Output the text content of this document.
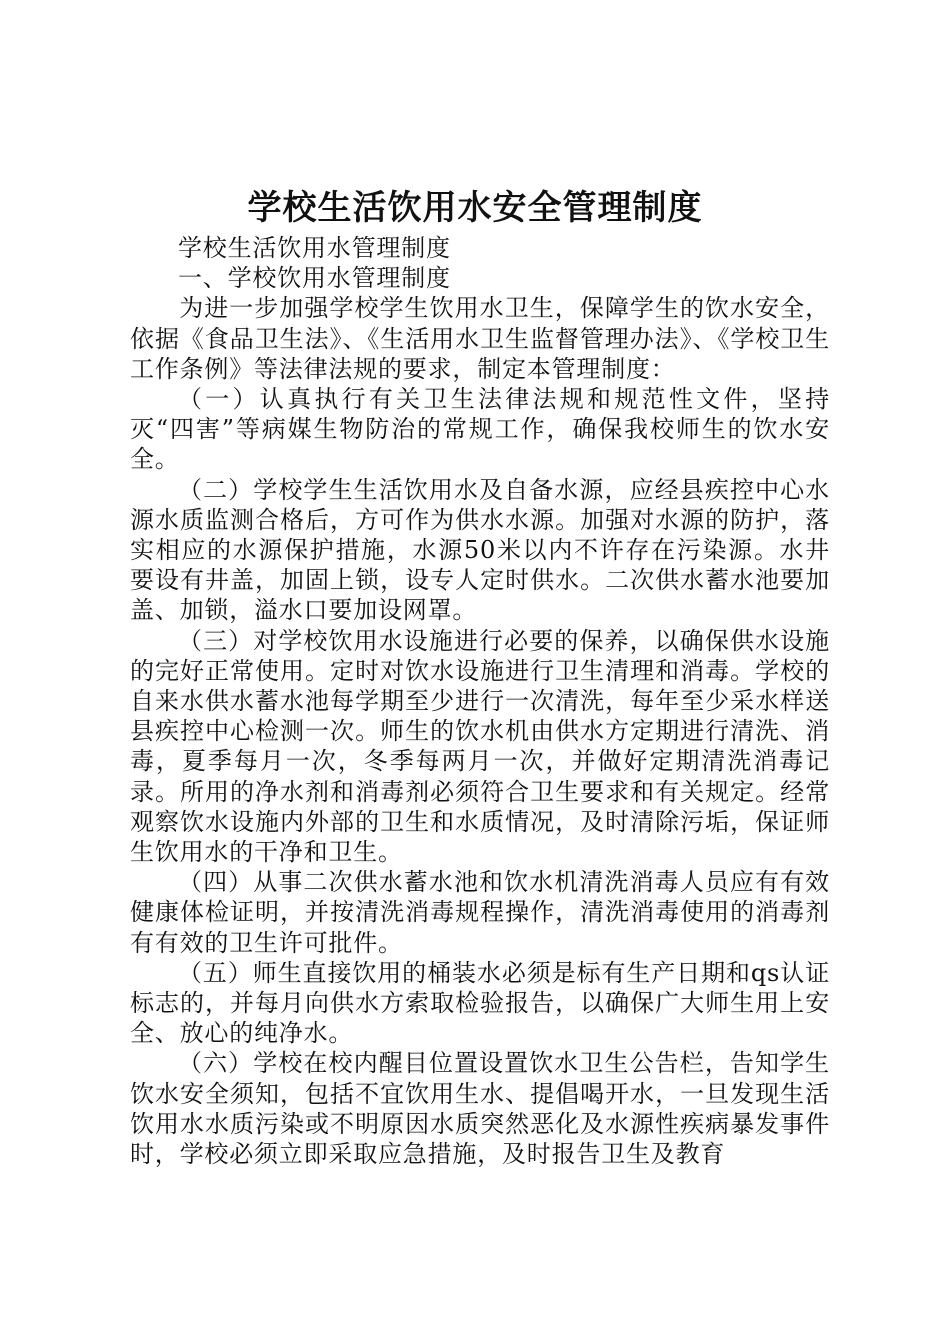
学校生活饮用水安全管理制度

学校生活饮用水管理制度

一、学校饮用水管理制度

为进一步加强学校学生饮用水卫生，保障学生的饮水安全，依据《食品卫生法》、《生活用水卫生监督管理办法》、《学校卫生工作条例》等法律法规的要求，制定本管理制度：

（一）认真执行有关卫生法律法规和规范性文件，坚持灭“四害”等病媒生物防治的常规工作，确保我校师生的饮水安全。

（二）学校学生生活饮用水及自备水源，应经县疾控中心水源水质监测合格后，方可作为供水水源。加强对水源的防护，落实相应的水源保护措施，水源50米以内不许存在污染源。水井要设有井盖，加固上锁，设专人定时供水。二次供水蓄水池要加盖、加锁，溢水口要加设网罩。

（三）对学校饮用水设施进行必要的保养，以确保供水设施的完好正常使用。定时对饮水设施进行卫生清理和消毒。学校的自来水供水蓄水池每学期至少进行一次清洗，每年至少采水样送县疾控中心检测一次。师生的饮水机由供水方定期进行清洗、消毒，夏季每月一次，冬季每两月一次，并做好定期清洗消毒记录。所用的净水剂和消毒剂必须符合卫生要求和有关规定。经常观察饮水设施内外部的卫生和水质情况，及时清除污垢，保证师生饮用水的干净和卫生。

（四）从事二次供水蓄水池和饮水机清洗消毒人员应有有效健康体检证明，并按清洗消毒规程操作，清洗消毒使用的消毒剂有有效的卫生许可批件。

（五）师生直接饮用的桶装水必须是标有生产日期和qs认证标志的，并每月向供水方索取检验报告，以确保广大师生用上安全、放心的纯净水。

（六）学校在校内醒目位置设置饮水卫生公告栏，告知学生饮水安全须知，包括不宜饮用生水、提倡喝开水，一旦发现生活饮用水水质污染或不明原因水质突然恶化及水源性疾病暴发事件时，学校必须立即采取应急措施，及时报告卫生及教育
